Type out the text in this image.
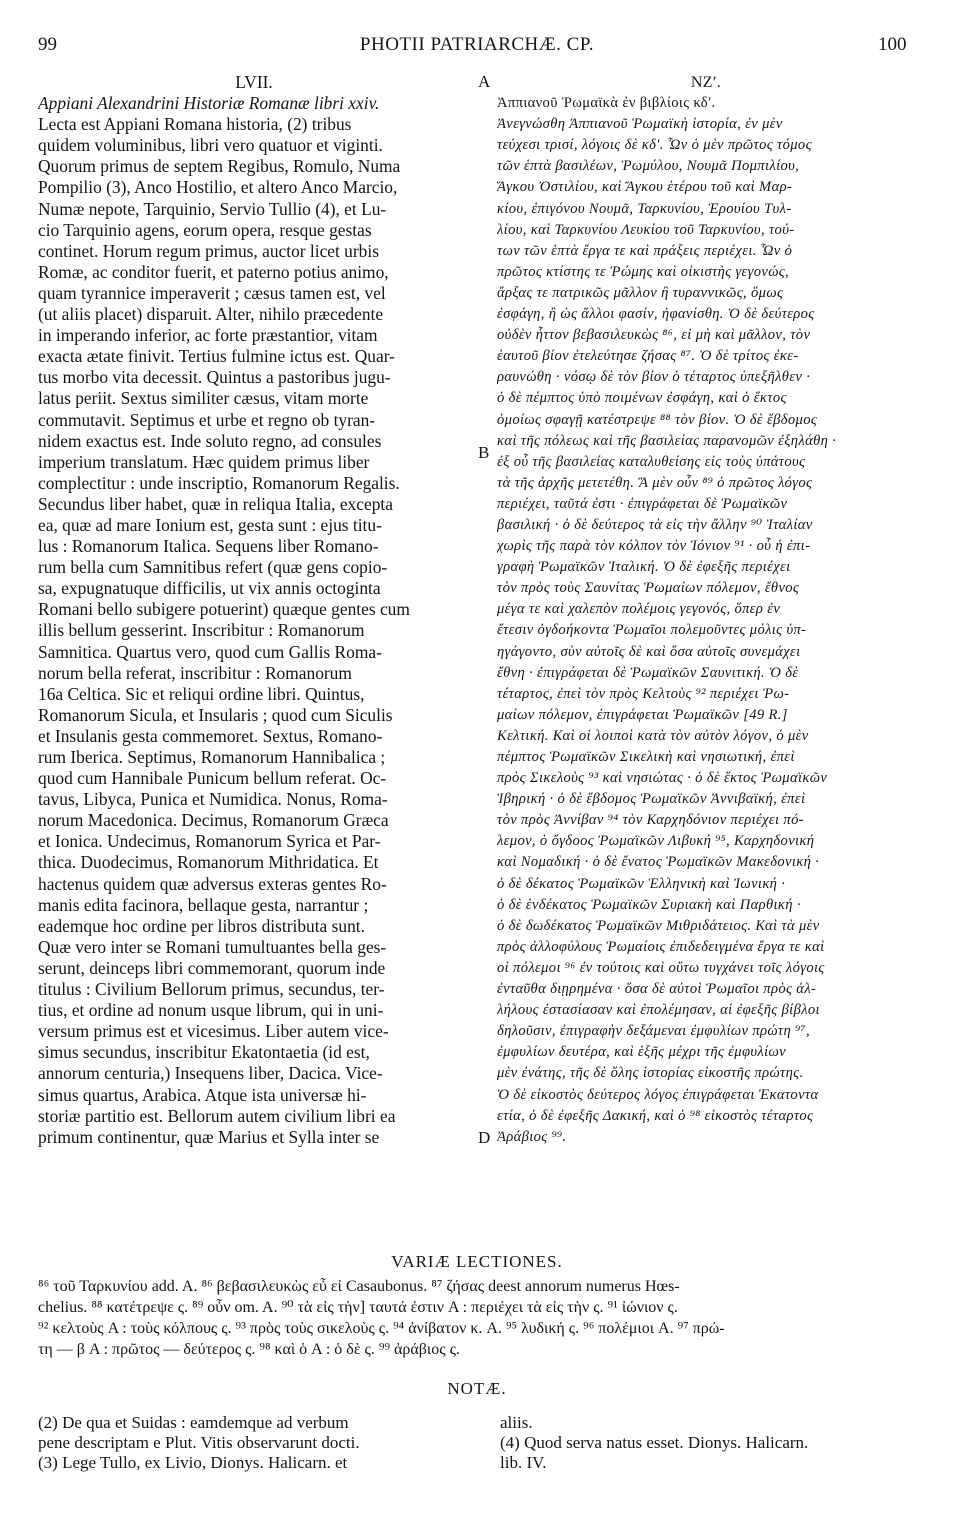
99	PHOTII PATRIARCHÆ. CP.	100
A
B
D
LVII.
Appiani Alexandrini Historiæ Romanæ libri xxiv.
Lecta est Appiani Romana historia, (2) tribus
quidem voluminibus, libri vero quatuor et viginti.
Quorum primus de septem Regibus, Romulo, Numa
Pompilio (3), Anco Hostilio, et altero Anco Marcio,
Numæ nepote, Tarquinio, Servio Tullio (4), et Lu-
cio Tarquinio agens, eorum opera, resque gestas
continet. Horum regum primus, auctor licet urbis
Romæ, ac conditor fuerit, et paterno potius animo,
quam tyrannice imperaverit ; cæsus tamen est, vel
(ut aliis placet) disparuit. Alter, nihilo præcedente
in imperando inferior, ac forte præstantior, vitam
exacta ætate finivit. Tertius fulmine ictus est. Quar-
tus morbo vita decessit. Quintus a pastoribus jugu-
latus periit. Sextus similiter cæsus, vitam morte
commutavit. Septimus et urbe et regno ob tyran-
nidem exactus est. Inde soluto regno, ad consules
imperium translatum. Hæc quidem primus liber
complectitur : unde inscriptio, Romanorum Regalis.
Secundus liber habet, quæ in reliqua Italia, excepta
ea, quæ ad mare Ionium est, gesta sunt : ejus titu-
lus : Romanorum Italica. Sequens liber Romano-
rum bella cum Samnitibus refert (quæ gens copio-
sa, expugnatuque difficilis, ut vix annis octoginta
Romani bello subigere potuerint) quæque gentes cum
illis bellum gesserint. Inscribitur : Romanorum
Samnitica. Quartus vero, quod cum Gallis Roma-
norum bella referat, inscribitur : Romanorum
16a Celtica. Sic et reliqui ordine libri. Quintus,
Romanorum Sicula, et Insularis ; quod cum Siculis
et Insulanis gesta commemoret. Sextus, Romano-
rum Iberica. Septimus, Romanorum Hannibalica ;
quod cum Hannibale Punicum bellum referat. Oc-
tavus, Libyca, Punica et Numidica. Nonus, Roma-
norum Macedonica. Decimus, Romanorum Græca
et Ionica. Undecimus, Romanorum Syrica et Par-
thica. Duodecimus, Romanorum Mithridatica. Et
hactenus quidem quæ adversus exteras gentes Ro-
manis edita facinora, bellaque gesta, narrantur ;
eademque hoc ordine per libros distributa sunt.
Quæ vero inter se Romani tumultuantes bella ges-
serunt, deinceps libri commemorant, quorum inde
titulus : Civilium Bellorum primus, secundus, ter-
tius, et ordine ad nonum usque librum, qui in uni-
versum primus est et vicesimus. Liber autem vice-
simus secundus, inscribitur Ekatontaetia (id est,
annorum centuria,) Insequens liber, Dacica. Vice-
simus quartus, Arabica. Atque ista universæ hi-
storiæ partitio est. Bellorum autem civilium libri ea
primum continentur, quæ Marius et Sylla inter se
ΝΖʹ.
Ἀππιανοῦ Ῥωμαϊκὰ ἐν βιβλίοις κδʹ.
Ἀνεγνώσθη Ἀππιανοῦ Ῥωμαϊκὴ ἱστορία, ἐν μὲν
τεύχεσι τρισί, λόγοις δὲ κδʹ. Ὧν ὁ μὲν πρῶτος τόμος
τῶν ἑπτὰ βασιλέων, Ῥωμύλου, Νουμᾶ Πομπιλίου,
Ἄγκου Ὀστιλίου, καὶ Ἄγκου ἑτέρου τοῦ καὶ Μαρ-
κίου, ἐπιγόνου Νουμᾶ, Ταρκυνίου, Ἐρουίου Τυλ-
λίου, καὶ Ταρκυνίου Λευκίου τοῦ Ταρκυνίου, τού-
των τῶν ἑπτὰ ἔργα τε καὶ πράξεις περιέχει. Ὧν ὁ
πρῶτος κτίστης τε Ῥώμης καὶ οἰκιστὴς γεγονώς,
ἄρξας τε πατρικῶς μᾶλλον ἢ τυραννικῶς, ὅμως
ἐσφάγη, ἢ ὡς ἄλλοι φασίν, ἠφανίσθη. Ὁ δὲ δεύτερος
οὐδὲν ἧττον βεβασιλευκὼς ⁸⁶, εἰ μὴ καὶ μᾶλλον, τὸν
ἑαυτοῦ βίον ἐτελεύτησε ζήσας ⁸⁷. Ὁ δὲ τρίτος ἐκε-
ραυνώθη · νόσῳ δὲ τὸν βίον ὁ τέταρτος ὑπεξῆλθεν ·
ὁ δὲ πέμπτος ὑπὸ ποιμένων ἐσφάγη, καὶ ὁ ἕκτος
ὁμοίως σφαγῇ κατέστρεψε ⁸⁸ τὸν βίον. Ὁ δὲ ἕβδομος
καὶ τῆς πόλεως καὶ τῆς βασιλείας παρανομῶν ἐξηλάθη ·
ἐξ οὗ τῆς βασιλείας καταλυθείσης εἰς τοὺς ὑπάτους
τὰ τῆς ἀρχῆς μετετέθη. Ἃ μὲν οὖν ⁸⁹ ὁ πρῶτος λόγος
περιέχει, ταῦτά ἐστι · ἐπιγράφεται δὲ Ῥωμαϊκῶν
βασιλική · ὁ δὲ δεύτερος τὰ εἰς τὴν ἄλλην ⁹⁰ Ἰταλίαν
χωρὶς τῆς παρὰ τὸν κόλπον τὸν Ἰόνιον ⁹¹ · οὗ ἡ ἐπι-
γραφὴ Ῥωμαϊκῶν Ἰταλική. Ὁ δὲ ἐφεξῆς περιέχει
τὸν πρὸς τοὺς Σαυνίτας Ῥωμαίων πόλεμον, ἔθνος
μέγα τε καὶ χαλεπὸν πολέμοις γεγονός, ὅπερ ἐν
ἔτεσιν ὀγδοήκοντα Ῥωμαῖοι πολεμοῦντες μόλις ὑπ-
ηγάγοντο, σὺν αὐτοῖς δὲ καὶ ὅσα αὐτοῖς συνεμάχει
ἔθνη · ἐπιγράφεται δὲ Ῥωμαϊκῶν Σαυνιτική. Ὁ δὲ
τέταρτος, ἐπεὶ τὸν πρὸς Κελτοὺς ⁹² περιέχει Ῥω-
μαίων πόλεμον, ἐπιγράφεται Ῥωμαϊκῶν [49 R.]
Κελτική. Καὶ οἱ λοιποὶ κατὰ τὸν αὐτὸν λόγον, ὁ μὲν
πέμπτος Ῥωμαϊκῶν Σικελικὴ καὶ νησιωτική, ἐπεὶ
πρὸς Σικελοὺς ⁹³ καὶ νησιώτας · ὁ δὲ ἕκτος Ῥωμαϊκῶν
Ἰβηρική · ὁ δὲ ἕβδομος Ῥωμαϊκῶν Ἀννιβαϊκή, ἐπεὶ
τὸν πρὸς Ἀννίβαν ⁹⁴ τὸν Καρχηδόνιον περιέχει πό-
λεμον, ὁ ὄγδοος Ῥωμαϊκῶν Λιβυκή ⁹⁵, Καρχηδονική
καὶ Νομαδική · ὁ δὲ ἔνατος Ῥωμαϊκῶν Μακεδονική ·
ὁ δὲ δέκατος Ῥωμαϊκῶν Ἑλληνικὴ καὶ Ἰωνική ·
ὁ δὲ ἑνδέκατος Ῥωμαϊκῶν Συριακὴ καὶ Παρθική ·
ὁ δὲ δωδέκατος Ῥωμαϊκῶν Μιθριδάτειος. Καὶ τὰ μὲν
πρὸς ἀλλοφύλους Ῥωμαίοις ἐπιδεδειγμένα ἔργα τε καὶ
οἱ πόλεμοι ⁹⁶ ἐν τούτοις καὶ οὕτω τυγχάνει τοῖς λόγοις
ἐνταῦθα διῃρημένα · ὅσα δὲ αὐτοὶ Ῥωμαῖοι πρὸς ἀλ-
λήλους ἐστασίασαν καὶ ἐπολέμησαν, αἱ ἐφεξῆς βίβλοι
δηλοῦσιν, ἐπιγραφὴν δεξάμεναι ἐμφυλίων πρώτη ⁹⁷,
ἐμφυλίων δευτέρα, καὶ ἑξῆς μέχρι τῆς ἐμφυλίων
μὲν ἐνάτης, τῆς δὲ ὅλης ἱστορίας εἰκοστῆς πρώτης.
Ὁ δὲ εἰκοστὸς δεύτερος λόγος ἐπιγράφεται Ἑκατοντα
ετία, ὁ δὲ ἐφεξῆς Δακική, καὶ ὁ ⁹⁸ εἰκοστὸς τέταρτος
Ἀράβιος ⁹⁹.
VARIÆ LECTIONES.
⁸⁶ τοῦ Ταρκυνίου add. A. ⁸⁶ βεβασιλευκὼς εὖ εἰ Casaubonus. ⁸⁷ ζήσας deest annorum numerus Hœs-
chelius. ⁸⁸ κατέτρεψε ς. ⁸⁹ οὖν om. A. ⁹⁰ τὰ εἰς τὴν] ταυτά ἐστιν A : περιέχει τὰ εἰς τὴν ς. ⁹¹ ἰώνιον ς.
⁹² κελτοὺς A : τοὺς κόλπους ς. ⁹³ πρὸς τοὺς σικελοὺς ς. ⁹⁴ ἀνίβατον κ. A. ⁹⁵ λυδική ς. ⁹⁶ πολέμιοι A. ⁹⁷ πρώ-
τη — β A : πρῶτος — δεύτερος ς. ⁹⁸ καὶ ὁ A : ὁ δὲ ς. ⁹⁹ ἀράβιος ς.
NOTÆ.
(2) De qua et Suidas : eamdemque ad verbum
pene descriptam e Plut. Vitis observarunt docti.
(3) Lege Tullo, ex Livio, Dionys. Halicarn. et
aliis.
(4) Quod serva natus esset. Dionys. Halicarn.
lib. IV.
